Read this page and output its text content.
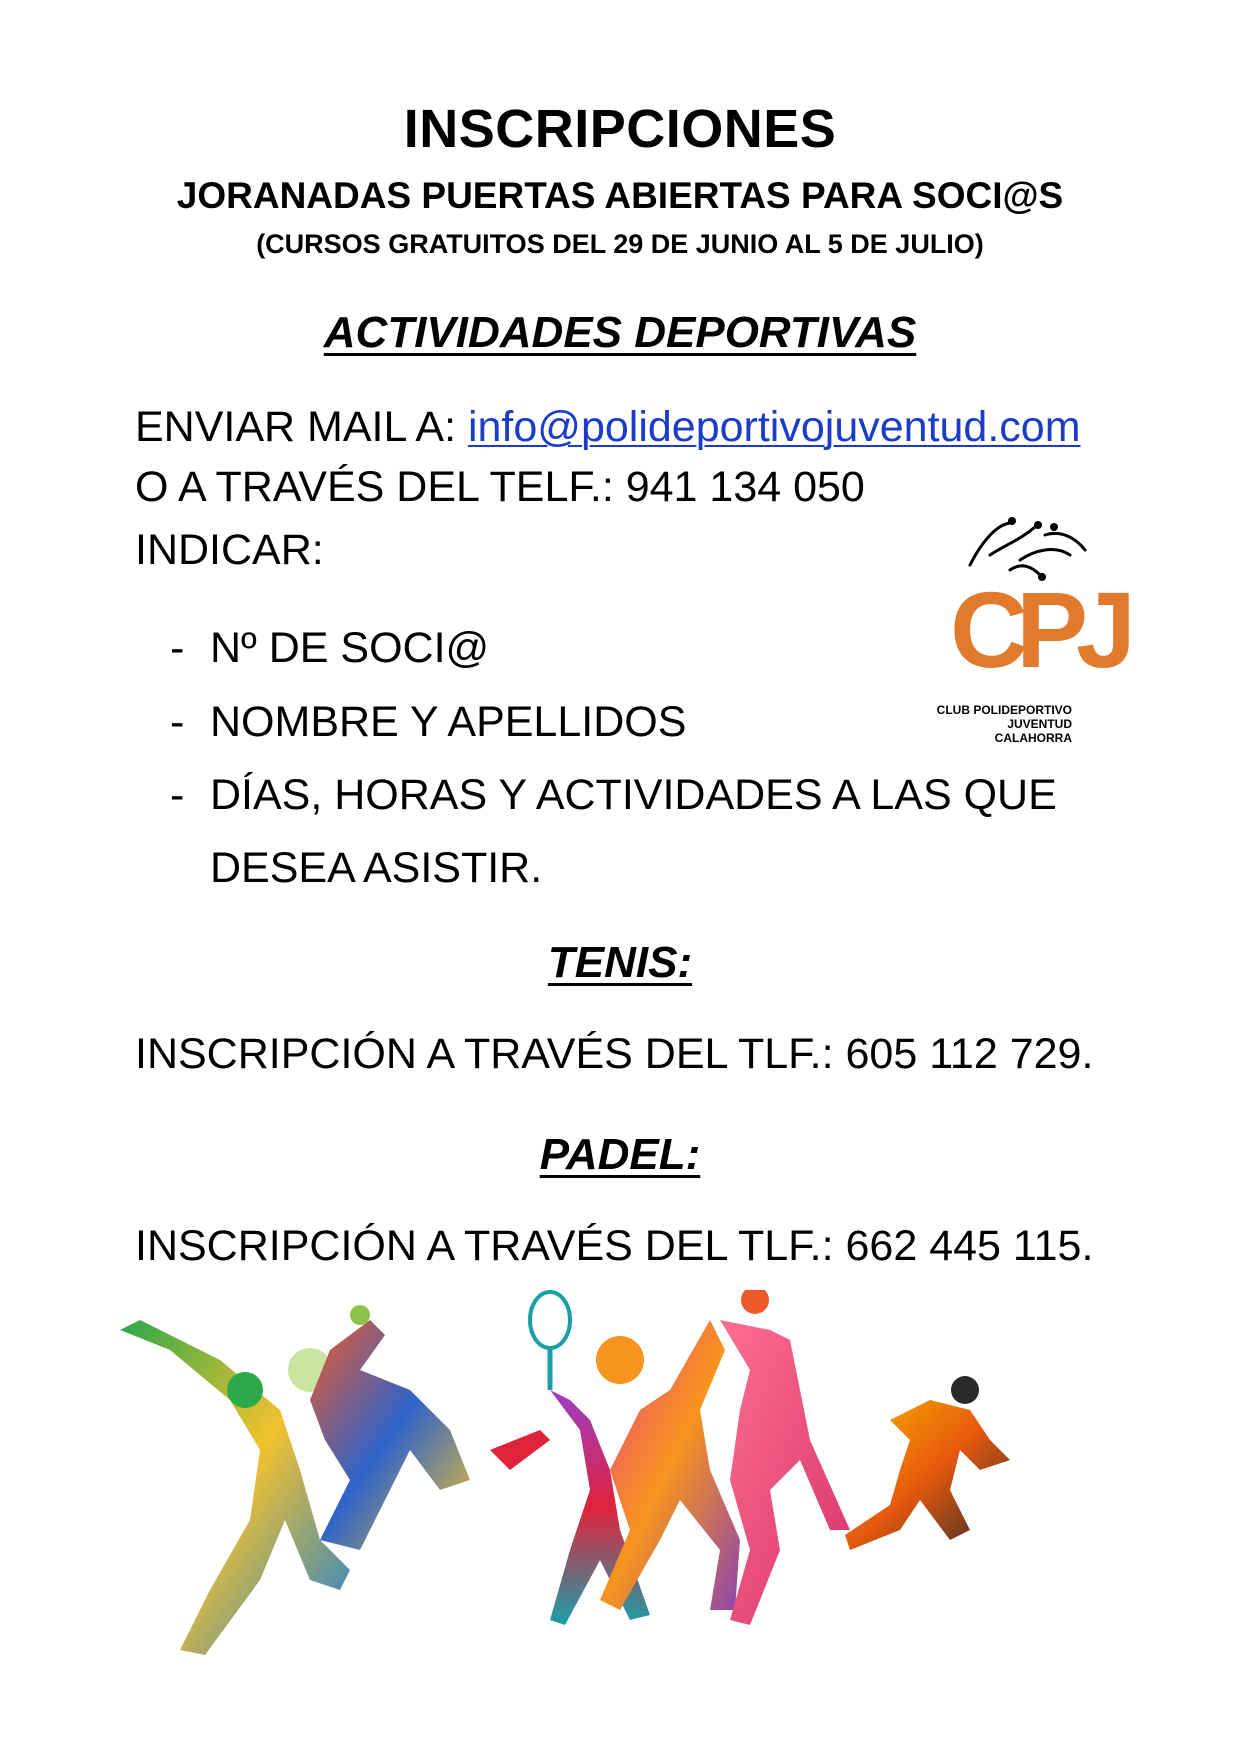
INSCRIPCIONES
JORANADAS PUERTAS ABIERTAS PARA SOCI@S
(CURSOS GRATUITOS DEL 29 DE JUNIO AL 5 DE JULIO)
ACTIVIDADES DEPORTIVAS
ENVIAR MAIL A: info@polideportivojuventud.com
O A TRAVÉS DEL TELF.: 941 134 050
INDICAR:
- Nº DE SOCI@
- NOMBRE Y APELLIDOS
- DÍAS, HORAS Y ACTIVIDADES A LAS QUE
DESEA ASISTIR.
CPJ
CLUB POLIDEPORTIVO
JUVENTUD
CALAHORRA
TENIS:
INSCRIPCIÓN A TRAVÉS DEL TLF.: 605 112 729.
PADEL:
INSCRIPCIÓN A TRAVÉS DEL TLF.: 662 445 115.
